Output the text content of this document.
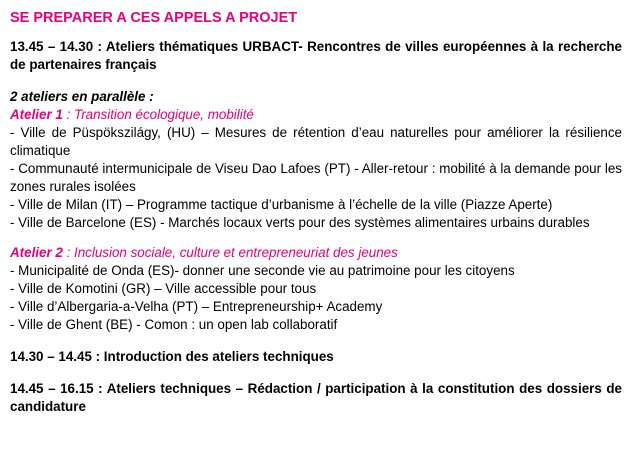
SE PREPARER A CES APPELS A PROJET

13.45 – 14.30 : Ateliers thématiques URBACT- Rencontres de villes européennes à la recherche de partenaires français

2 ateliers en parallèle :

Atelier 1 : Transition écologique, mobilité

- Ville de Püspökszilágy, (HU) – Mesures de rétention d’eau naturelles pour améliorer la résilience climatique

- Communauté intermunicipale de Viseu Dao Lafoes (PT) - Aller-retour : mobilité à la demande pour les zones rurales isolées

- Ville de Milan (IT) – Programme tactique d’urbanisme à l’échelle de la ville (Piazze Aperte)

- Ville de Barcelone (ES) - Marchés locaux verts pour des systèmes alimentaires urbains durables

Atelier 2 : Inclusion sociale, culture et entrepreneuriat des jeunes

- Municipalité de Onda (ES)- donner une seconde vie au patrimoine pour les citoyens

- Ville de Komotini (GR) – Ville accessible pour tous

- Ville d’Albergaria-a-Velha (PT) – Entrepreneurship+ Academy

- Ville de Ghent (BE) - Comon : un open lab collaboratif

14.30 – 14.45 : Introduction des ateliers techniques

14.45 – 16.15 : Ateliers techniques – Rédaction / participation à la constitution des dossiers de candidature
